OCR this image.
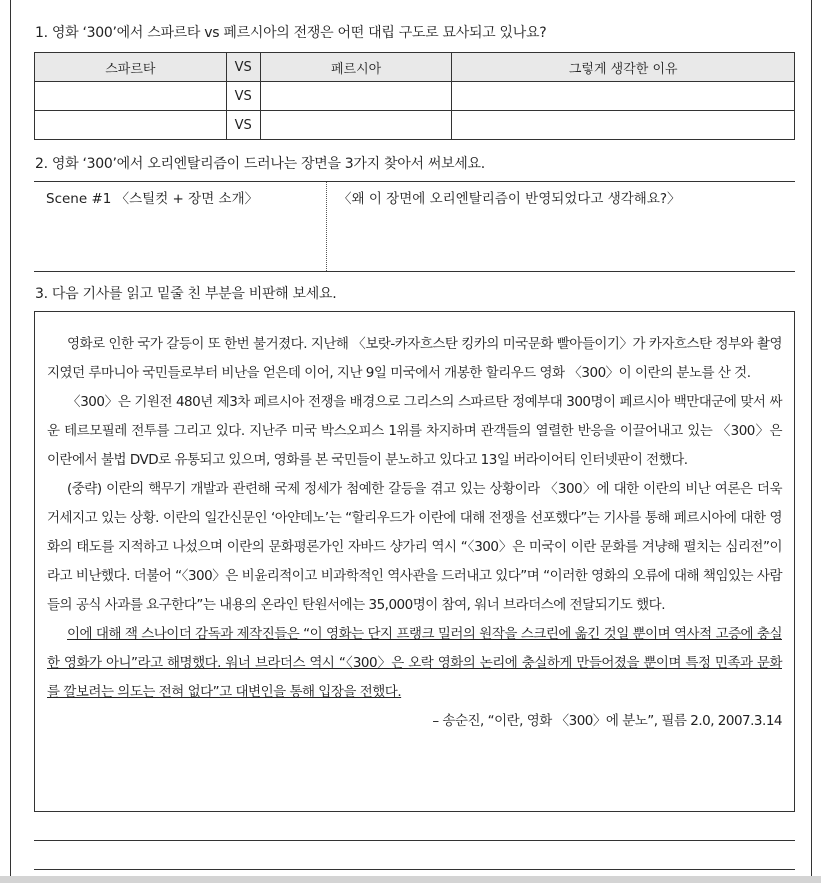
1. 영화 ‘300’에서 스파르타 vs 페르시아의 전쟁은 어떤 대립 구도로 묘사되고 있나요?
스파르타	VS	페르시아	그렇게 생각한 이유
	VS		
	VS		
2. 영화 ‘300’에서 오리엔탈리즘이 드러나는 장면을 3가지 찾아서 써보세요.
Scene #1 〈스틸컷 + 장면 소개〉	〈왜 이 장면에 오리엔탈리즘이 반영되었다고 생각해요?〉
3. 다음 기사를 읽고 밑줄 친 부분을 비판해 보세요.

영화로 인한 국가 갈등이 또 한번 불거졌다. 지난해 〈보랏-카자흐스탄 킹카의 미국문화 빨아들이기〉가 카자흐스탄 정부와 촬영지였던 루마니아 국민들로부터 비난을 얻은데 이어, 지난 9일 미국에서 개봉한 할리우드 영화 〈300〉이 이란의 분노를 산 것.

〈300〉은 기원전 480년 제3차 페르시아 전쟁을 배경으로 그리스의 스파르탄 정예부대 300명이 페르시아 백만대군에 맞서 싸운 테르모필레 전투를 그리고 있다. 지난주 미국 박스오피스 1위를 차지하며 관객들의 열렬한 반응을 이끌어내고 있는 〈300〉은 이란에서 불법 DVD로 유통되고 있으며, 영화를 본 국민들이 분노하고 있다고 13일 버라이어티 인터넷판이 전했다.

(중략) 이란의 핵무기 개발과 관련해 국제 정세가 첨예한 갈등을 겪고 있는 상황이라 〈300〉에 대한 이란의 비난 여론은 더욱 거세지고 있는 상황. 이란의 일간신문인 ‘아얀데노’는 “할리우드가 이란에 대해 전쟁을 선포했다”는 기사를 통해 페르시아에 대한 영화의 태도를 지적하고 나섰으며 이란의 문화평론가인 자바드 샹가리 역시 “〈300〉은 미국이 이란 문화를 겨냥해 펼치는 심리전”이라고 비난했다. 더불어 “〈300〉은 비윤리적이고 비과학적인 역사관을 드러내고 있다”며 “이러한 영화의 오류에 대해 책임있는 사람들의 공식 사과를 요구한다”는 내용의 온라인 탄원서에는 35,000명이 참여, 워너 브라더스에 전달되기도 했다.

이에 대해 잭 스나이더 감독과 제작진들은 “이 영화는 단지 프랭크 밀러의 원작을 스크린에 옮긴 것일 뿐이며 역사적 고증에 충실한 영화가 아니”라고 해명했다. 워너 브라더스 역시 “〈300〉은 오락 영화의 논리에 충실하게 만들어졌을 뿐이며 특정 민족과 문화를 깔보려는 의도는 전혀 없다”고 대변인을 통해 입장을 전했다.

– 송순진, “이란, 영화 〈300〉에 분노”, 필름 2.0, 2007.3.14
